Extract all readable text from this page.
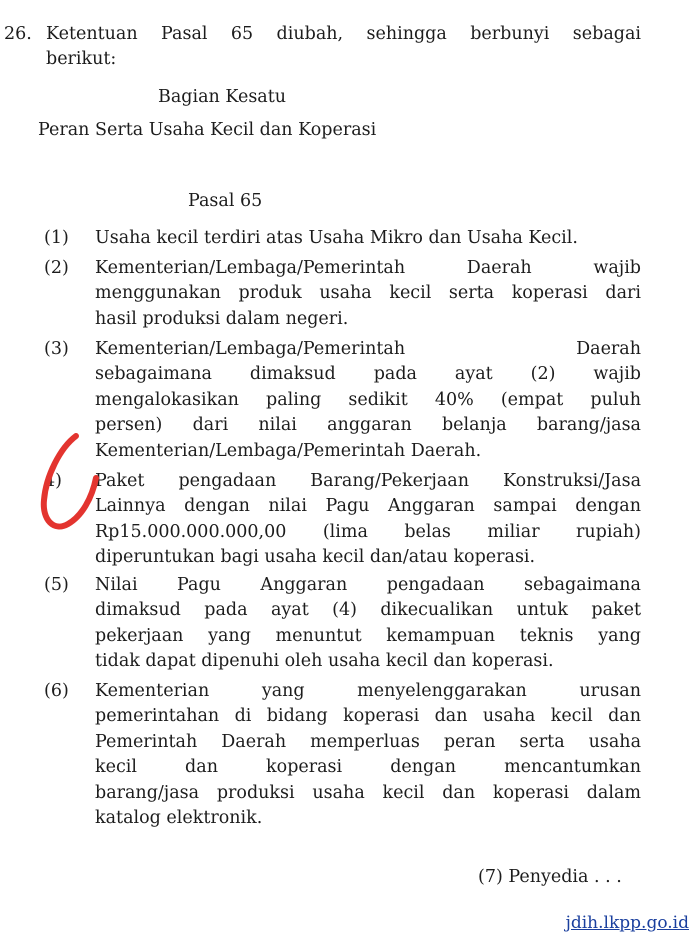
26. Ketentuan Pasal 65 diubah, sehingga berbunyi sebagai
berikut:
Bagian Kesatu
Peran Serta Usaha Kecil dan Koperasi
Pasal 65
(1) Usaha kecil terdiri atas Usaha Mikro dan Usaha Kecil.
(2) Kementerian/Lembaga/Pemerintah Daerah wajib
menggunakan produk usaha kecil serta koperasi dari
hasil produksi dalam negeri.
(3) Kementerian/Lembaga/Pemerintah Daerah
sebagaimana dimaksud pada ayat (2) wajib
mengalokasikan paling sedikit 40% (empat puluh
persen) dari nilai anggaran belanja barang/jasa
Kementerian/Lembaga/Pemerintah Daerah.
4) Paket pengadaan Barang/Pekerjaan Konstruksi/Jasa
Lainnya dengan nilai Pagu Anggaran sampai dengan
Rp15.000.000.000,00 (lima belas miliar rupiah)
diperuntukan bagi usaha kecil dan/atau koperasi.
(5) Nilai Pagu Anggaran pengadaan sebagaimana
dimaksud pada ayat (4) dikecualikan untuk paket
pekerjaan yang menuntut kemampuan teknis yang
tidak dapat dipenuhi oleh usaha kecil dan koperasi.
(6) Kementerian yang menyelenggarakan urusan
pemerintahan di bidang koperasi dan usaha kecil dan
Pemerintah Daerah memperluas peran serta usaha
kecil dan koperasi dengan mencantumkan
barang/jasa produksi usaha kecil dan koperasi dalam
katalog elektronik.
(7) Penyedia . . .
jdih.lkpp.go.id
